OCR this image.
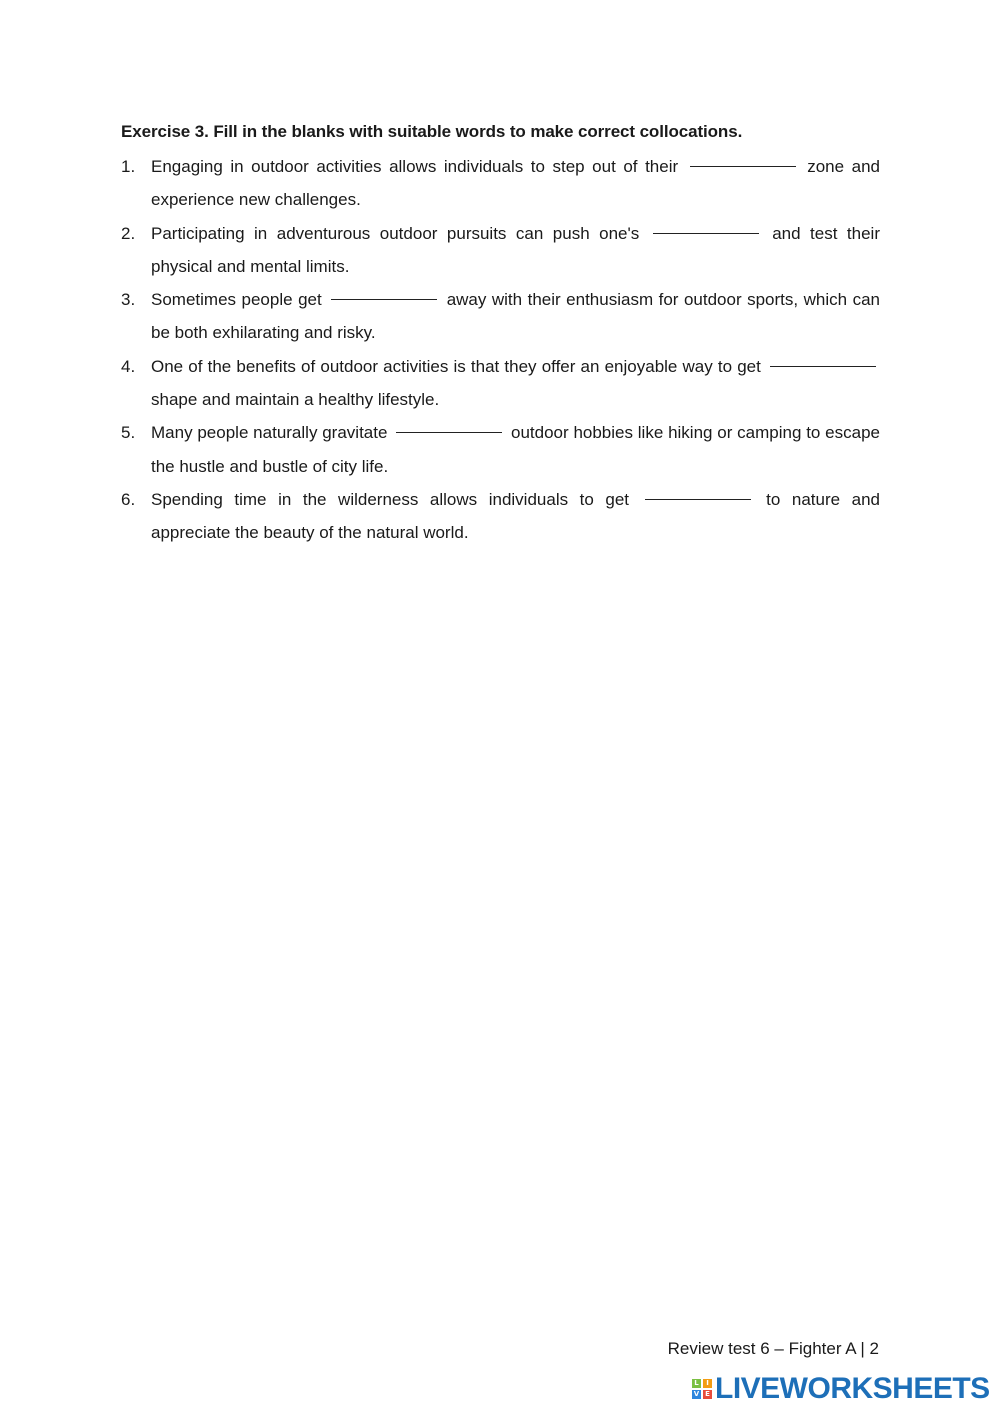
Exercise 3. Fill in the blanks with suitable words to make correct collocations.
1. Engaging in outdoor activities allows individuals to step out of their	zone and experience new challenges.
2. Participating in adventurous outdoor pursuits can push one's	and test their physical and mental limits.
3. Sometimes people get	away with their enthusiasm for outdoor sports, which can be both exhilarating and risky.
4. One of the benefits of outdoor activities is that they offer an enjoyable way to get  shape and maintain a healthy lifestyle.
5. Many people naturally gravitate	outdoor hobbies like hiking or camping to escape the hustle and bustle of city life.
6. Spending time in the wilderness allows individuals to get	to nature and appreciate the beauty of the natural world.
Review test 6 – Fighter A | 2
L	I
V E LIVEWORKSHEETS
